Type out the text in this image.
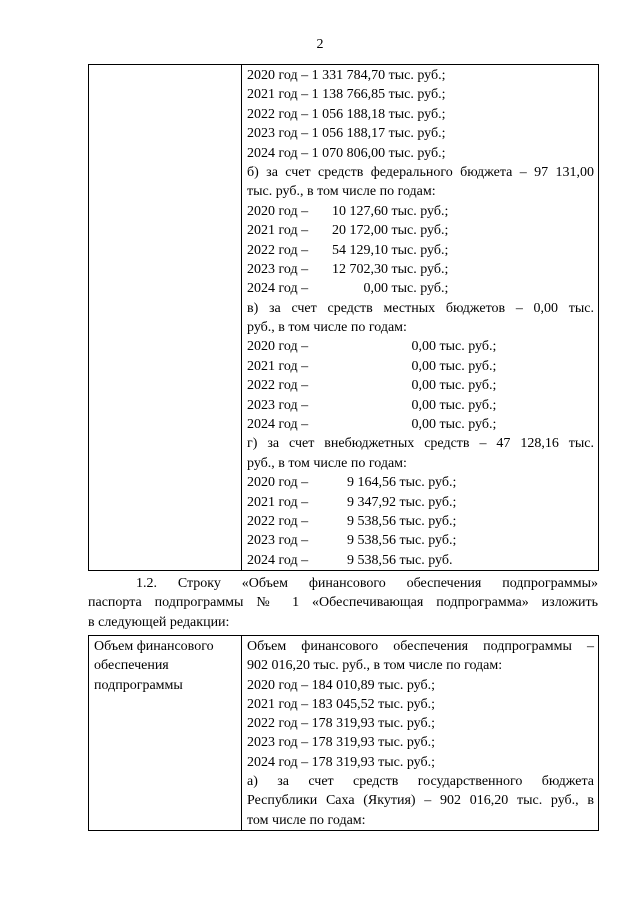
2

2020 год – 1 331 784,70 тыс. руб.;
2021 год – 1 138 766,85 тыс. руб.;
2022 год – 1 056 188,18 тыс. руб.;
2023 год – 1 056 188,17 тыс. руб.;
2024 год – 1 070 806,00 тыс. руб.;
б) за счет средств федерального бюджета – 97 131,00
тыс. руб., в том числе по годам:
2020 год – 10 127,60 тыс. руб.;
2021 год – 20 172,00 тыс. руб.;
2022 год – 54 129,10 тыс. руб.;
2023 год – 12 702,30 тыс. руб.;
2024 год –	0,00 тыс. руб.;
в) за счет средств местных бюджетов – 0,00 тыс.
руб., в том числе по годам:
2020 год –	0,00 тыс. руб.;
2021 год –	0,00 тыс. руб.;
2022 год –	0,00 тыс. руб.;
2023 год –	0,00 тыс. руб.;
2024 год –	0,00 тыс. руб.;
г) за счет внебюджетных средств – 47 128,16 тыс.
руб., в том числе по годам:
2020 год –	9 164,56 тыс. руб.;
2021 год –	9 347,92 тыс. руб.;
2022 год –	9 538,56 тыс. руб.;
2023 год –	9 538,56 тыс. руб.;
2024 год –	9 538,56 тыс. руб.
1.2. Строку «Объем финансового обеспечения подпрограммы»
паспорта подпрограммы № 1 «Обеспечивающая подпрограмма» изложить
в следующей редакции:
Объем финансового
обеспечения
подпрограммы

Объем финансового обеспечения подпрограммы –
902 016,20 тыс. руб., в том числе по годам:
2020 год – 184 010,89 тыс. руб.;
2021 год – 183 045,52 тыс. руб.;
2022 год – 178 319,93 тыс. руб.;
2023 год – 178 319,93 тыс. руб.;
2024 год – 178 319,93 тыс. руб.;
а) за счет средств государственного бюджета
Республики Саха (Якутия) – 902 016,20 тыс. руб., в
том числе по годам:
